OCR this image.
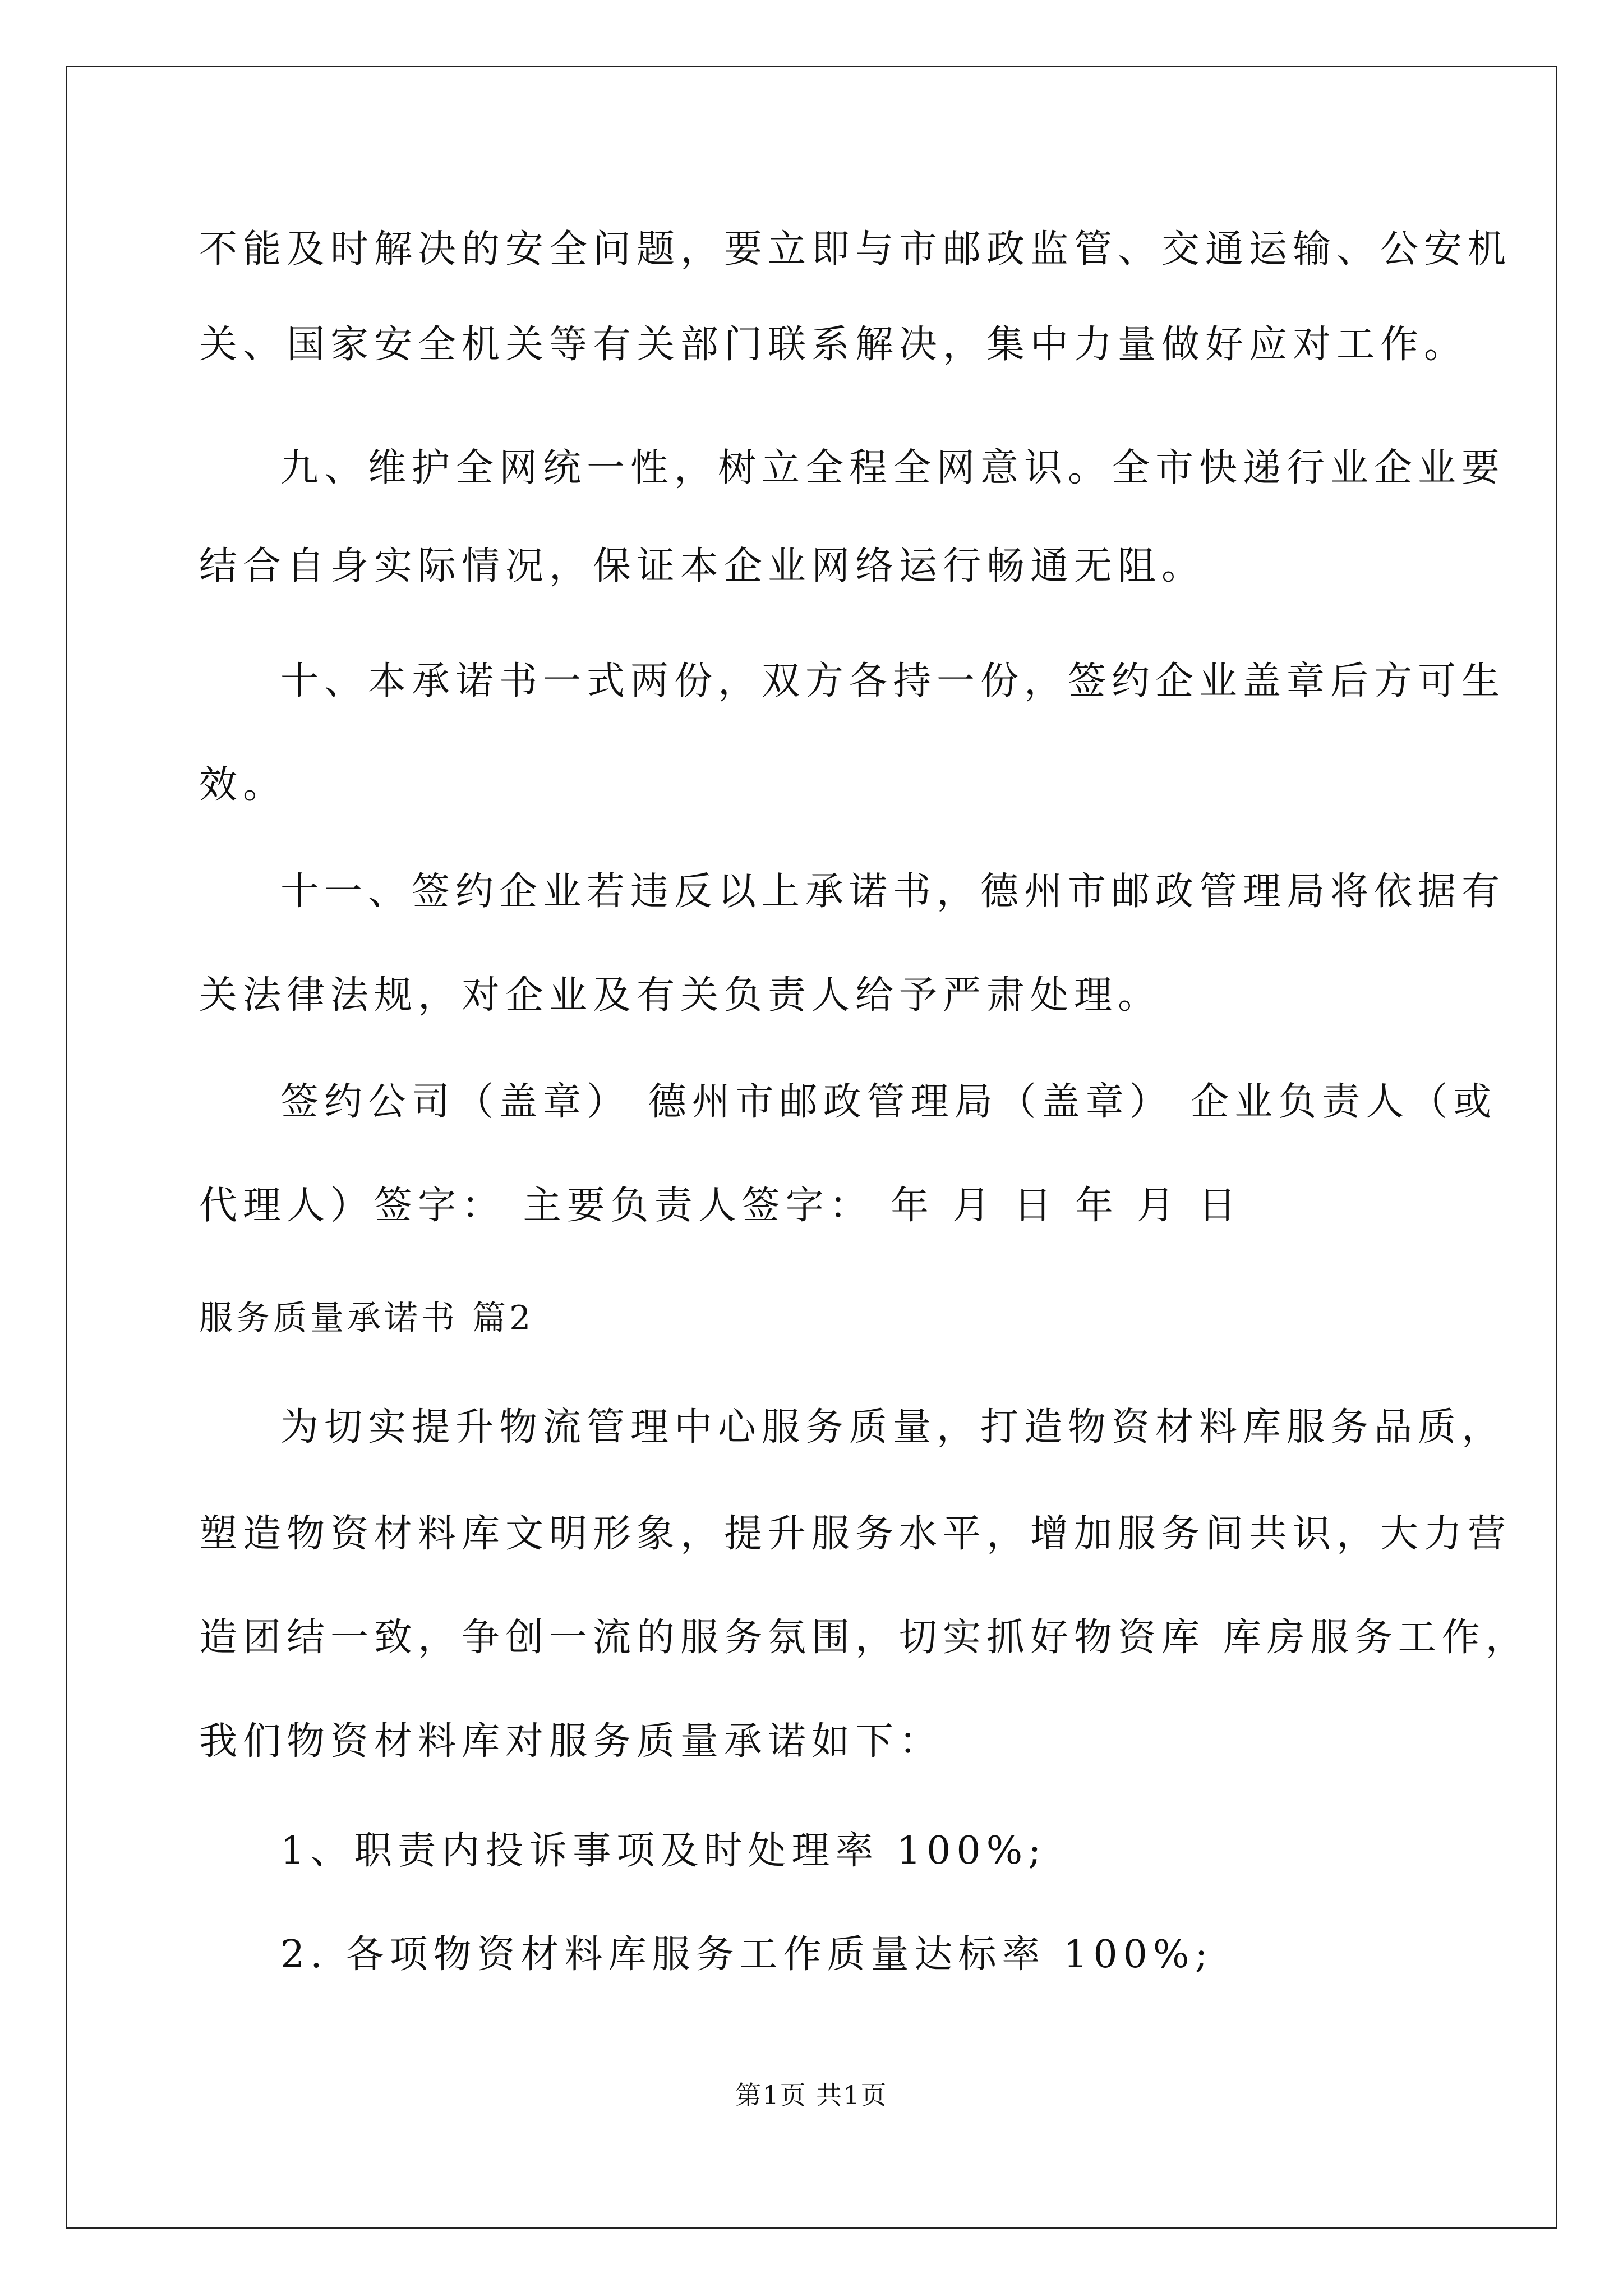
不能及时解决的安全问题，要立即与市邮政监管、交通运输、公安机
关、国家安全机关等有关部门联系解决，集中力量做好应对工作。
九、维护全网统一性，树立全程全网意识。全市快递行业企业要
结合自身实际情况，保证本企业网络运行畅通无阻。
十、本承诺书一式两份，双方各持一份，签约企业盖章后方可生
效。
十一、签约企业若违反以上承诺书，德州市邮政管理局将依据有
关法律法规，对企业及有关负责人给予严肃处理。
签约公司（盖章） 德州市邮政管理局（盖章） 企业负责人（或
代理人）签字： 主要负责人签字： 年 月 日 年 月 日
服务质量承诺书 篇2
为切实提升物流管理中心服务质量，打造物资材料库服务品质，
塑造物资材料库文明形象，提升服务水平，增加服务间共识，大力营
造团结一致，争创一流的服务氛围，切实抓好物资库 库房服务工作，
我们物资材料库对服务质量承诺如下：
1、职责内投诉事项及时处理率 100%;
2. 各项物资材料库服务工作质量达标率 100%;
第1页 共1页
